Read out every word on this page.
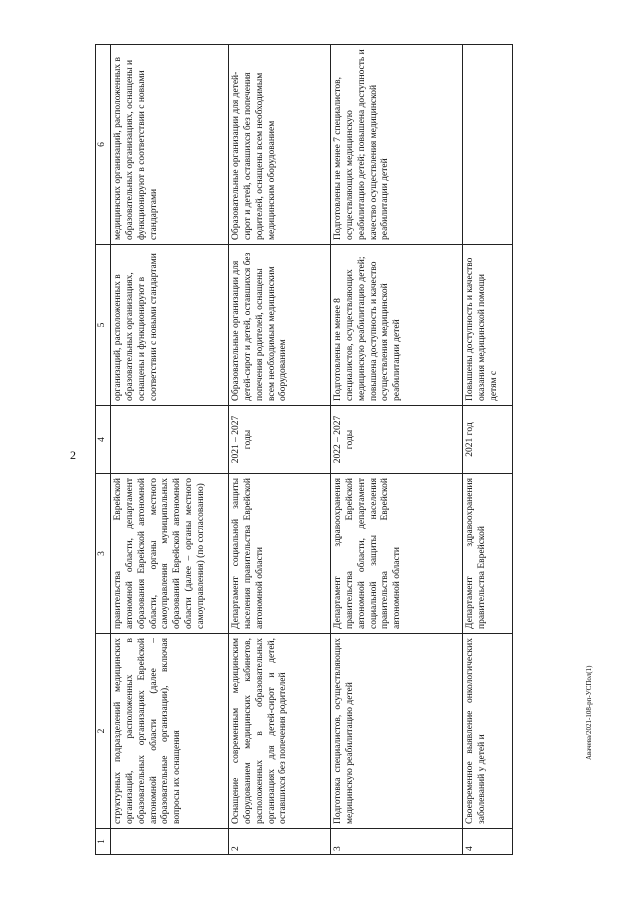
2
Авачева/2021-108-рп-УСПол(1)
1	2	3	4	5	6
	структурных подразделений медицинских организаций, расположенных в образовательных организациях Еврейской автономной области (далее – образовательные организации), включая вопросы их оснащения	правительства Еврейской автономной области, департамент образования Еврейской автономной области, органы местного самоуправления муниципальных образований Еврейской автономной области (далее – органы местного самоуправления) (по согласованию)		организаций, расположенных в образовательных организациях, оснащены и функционируют в соответствии с новыми стандартами	медицинских организаций, расположенных в образовательных организациях, оснащены и функционируют в соответствии с новыми стандартами
2	Оснащение современным медицинским оборудованием медицинских кабинетов, расположенных в образовательных организациях для детей-сирот и детей, оставшихся без попечения родителей	Департамент социальной защиты населения правительства Еврейской автономной области	2021 – 2027 годы	Образовательные организации для детей-сирот и детей, оставшихся без попечения родителей, оснащены всем необходимым медицинским оборудованием	Образовательные организации для детей-сирот и детей, оставшихся без попечения родителей, оснащены всем необходимым медицинским оборудованием
3	Подготовка специалистов, осуществляющих медицинскую реабилитацию детей	Департамент здравоохранения правительства Еврейской автономной области, департамент социальной защиты населения правительства Еврейской автономной области	2022 – 2027 годы	Подготовлены не менее 8 специалистов, осуществляющих медицинскую реабилитацию детей; повышена доступность и качество осуществления медицинской реабилитации детей	Подготовлены не менее 7 специалистов, осуществляющих медицинскую реабилитацию детей; повышена доступность и качество осуществления медицинской реабилитации детей
4	Своевременное выявление онкологических заболеваний у детей и	Департамент здравоохранения правительства Еврейской	2021 год	Повышены доступность и качество оказания медицинской помощи детям с	
